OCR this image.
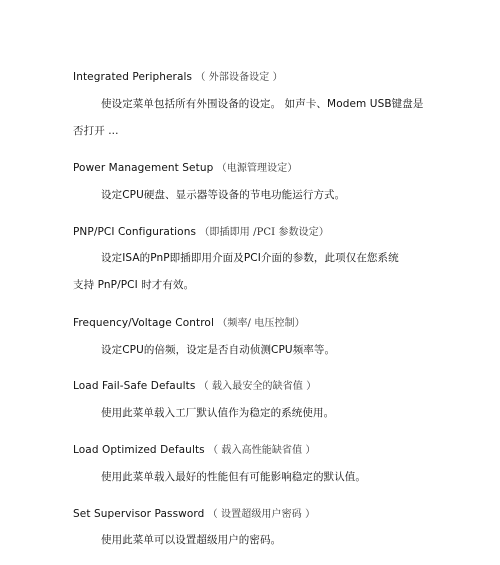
Integrated Peripherals （ 外部设备设定 ）
使设定菜单包括所有外围设备的设定。 如声卡、Modem USB键盘是
否打开 ...
Power Management Setup （电源管理设定）
设定CPU硬盘、显示器等设备的节电功能运行方式。
PNP/PCI Configurations （即插即用 /PCI 参数设定）
设定ISA的PnP即插即用介面及PCI介面的参数，此项仅在您系统
支持 PnP/PCI 时才有效。
Frequency/Voltage Control （频率/ 电压控制）
设定CPU的倍频，设定是否自动侦测CPU频率等。
Load Fail-Safe Defaults （ 载入最安全的缺省值 ）
使用此菜单载入工厂默认值作为稳定的系统使用。
Load Optimized Defaults （ 载入高性能缺省值 ）
使用此菜单载入最好的性能但有可能影响稳定的默认值。
Set Supervisor Password （ 设置超级用户密码 ）
使用此菜单可以设置超级用户的密码。
